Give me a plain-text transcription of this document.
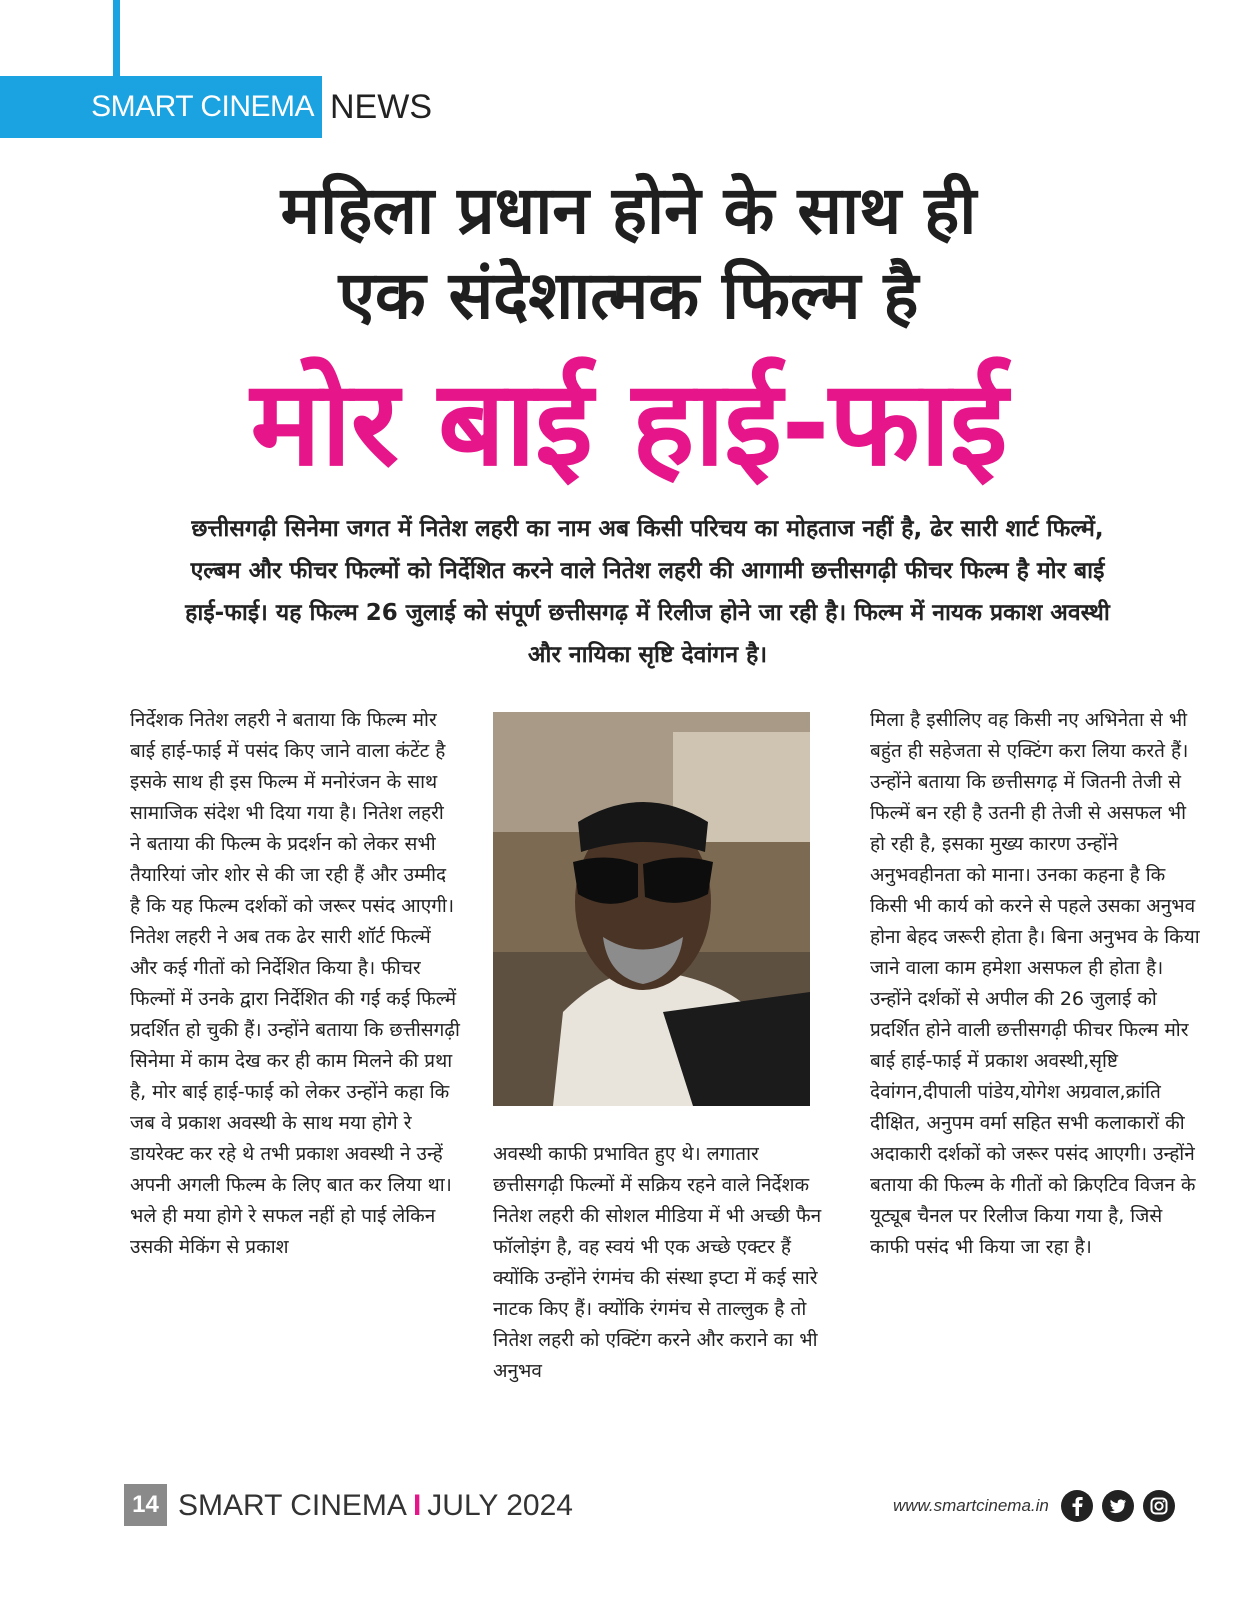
SMART CINEMA NEWS
महिला प्रधान होने के साथ ही
एक संदेशात्मक फिल्म है
मोर बाई हाई-फाई
छत्तीसगढ़ी सिनेमा जगत में नितेश लहरी का नाम अब किसी परिचय का मोहताज नहीं है, ढेर सारी शार्ट फिल्में, एल्बम और फीचर फिल्मों को निर्देशित करने वाले नितेश लहरी की आगामी छत्तीसगढ़ी फीचर फिल्म है मोर बाई हाई-फाई। यह फिल्म 26 जुलाई को संपूर्ण छत्तीसगढ़ में रिलीज होने जा रही है। फिल्म में नायक प्रकाश अवस्थी और नायिका सृष्टि देवांगन है।
निर्देशक नितेश लहरी ने बताया कि फिल्म मोर बाई हाई-फाई में पसंद किए जाने वाला कंटेंट है इसके साथ ही इस फिल्म में मनोरंजन के साथ सामाजिक संदेश भी दिया गया है। नितेश लहरी ने बताया की फिल्म के प्रदर्शन को लेकर सभी तैयारियां जोर शोर से की जा रही हैं और उम्मीद है कि यह फिल्म दर्शकों को जरूर पसंद आएगी। नितेश लहरी ने अब तक ढेर सारी शॉर्ट फिल्में और कई गीतों को निर्देशित किया है। फीचर फिल्मों में उनके द्वारा निर्देशित की गई कई फिल्में प्रदर्शित हो चुकी हैं। उन्होंने बताया कि छत्तीसगढ़ी सिनेमा में काम देख कर ही काम मिलने की प्रथा है, मोर बाई हाई-फाई को लेकर उन्होंने कहा कि जब वे प्रकाश अवस्थी के साथ मया होगे रे डायरेक्ट कर रहे थे तभी प्रकाश अवस्थी ने उन्हें अपनी अगली फिल्म के लिए बात कर लिया था। भले ही मया होगे रे सफल नहीं हो पाई लेकिन उसकी मेकिंग से प्रकाश
अवस्थी काफी प्रभावित हुए थे। लगातार छत्तीसगढ़ी फिल्मों में सक्रिय रहने वाले निर्देशक नितेश लहरी की सोशल मीडिया में भी अच्छी फैन फॉलोइंग है, वह स्वयं भी एक अच्छे एक्टर हैं क्योंकि उन्होंने रंगमंच की संस्था इप्टा में कई सारे नाटक किए हैं। क्योंकि रंगमंच से ताल्लुक है तो नितेश लहरी को एक्टिंग करने और कराने का भी अनुभव
मिला है इसीलिए वह किसी नए अभिनेता से भी बहुंत ही सहेजता से एक्टिंग करा लिया करते हैं। उन्होंने बताया कि छत्तीसगढ़ में जितनी तेजी से फिल्में बन रही है उतनी ही तेजी से असफल भी हो रही है, इसका मुख्य कारण उन्होंने अनुभवहीनता को माना। उनका कहना है कि किसी भी कार्य को करने से पहले उसका अनुभव होना बेहद जरूरी होता है। बिना अनुभव के किया जाने वाला काम हमेशा असफल ही होता है। उन्होंने दर्शकों से अपील की 26 जुलाई को प्रदर्शित होने वाली छत्तीसगढ़ी फीचर फिल्म मोर बाई हाई-फाई में प्रकाश अवस्थी,सृष्टि देवांगन,दीपाली पांडेय,योगेश अग्रवाल,क्रांति दीक्षित, अनुपम वर्मा सहित सभी कलाकारों की अदाकारी दर्शकों को जरूर पसंद आएगी। उन्होंने बताया की फिल्म के गीतों को क्रिएटिव विजन के यूट्यूब चैनल पर रिलीज किया गया है, जिसे काफी पसंद भी किया जा रहा है।
14 SMART CINEMA I JULY 2024	www.smartcinema.in
